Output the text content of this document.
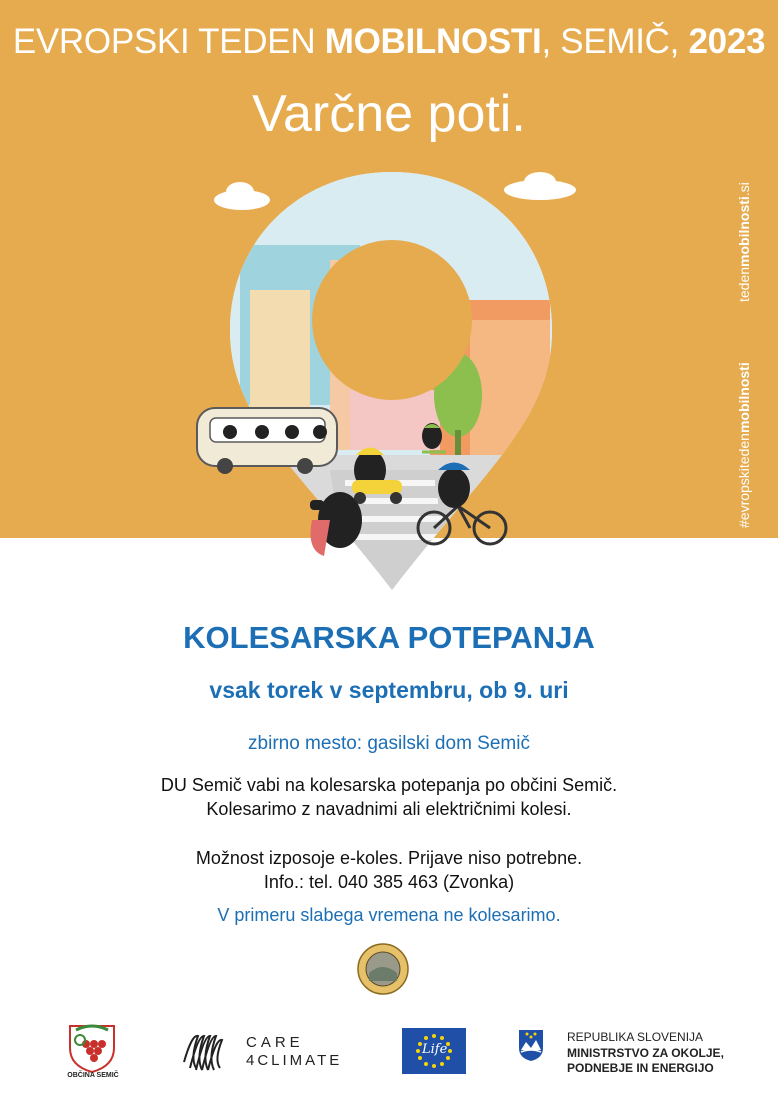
EVROPSKI TEDEN MOBILNOSTI, SEMIČ, 2023
Varčne poti.
tedenmobilnosti.si
#evropskitedenmobilnosti
KOLESARSKA POTEPANJA
vsak torek v septembru, ob 9. uri
zbirno mesto: gasilski dom Semič
DU Semič vabi na kolesarska potepanja po občini Semič.
Kolesarimo z navadnimi ali električnimi kolesi.
Možnost izposoje e-koles. Prijave niso potrebne.
Info.: tel. 040 385 463 (Zvonka)
V primeru slabega vremena ne kolesarimo.
OBČINA SEMIČ
CARE
4CLIMATE
Life
REPUBLIKA SLOVENIJA
MINISTRSTVO ZA OKOLJE,
PODNEBJE IN ENERGIJO
